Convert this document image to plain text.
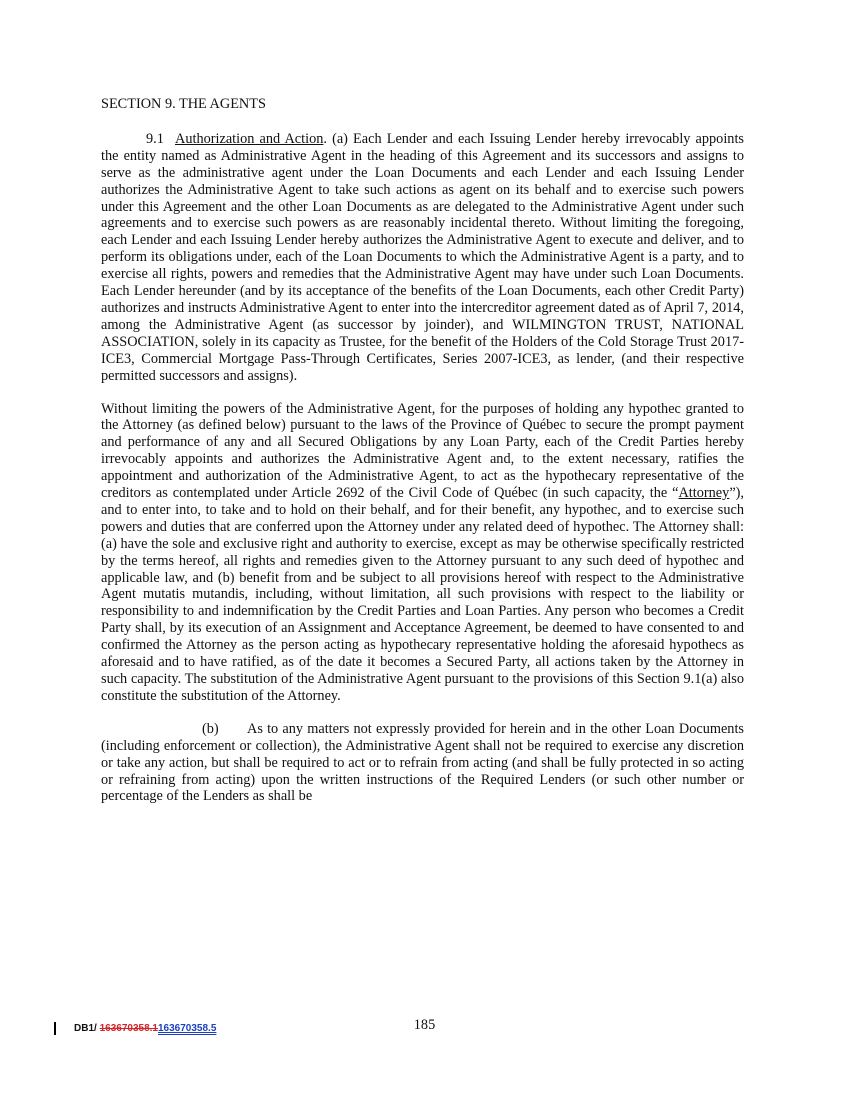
SECTION 9. THE AGENTS

9.1 Authorization and Action. (a) Each Lender and each Issuing Lender hereby irrevocably appoints the entity named as Administrative Agent in the heading of this Agreement and its successors and assigns to serve as the administrative agent under the Loan Documents and each Lender and each Issuing Lender authorizes the Administrative Agent to take such actions as agent on its behalf and to exercise such powers under this Agreement and the other Loan Documents as are delegated to the Administrative Agent under such agreements and to exercise such powers as are reasonably incidental thereto. Without limiting the foregoing, each Lender and each Issuing Lender hereby authorizes the Administrative Agent to execute and deliver, and to perform its obligations under, each of the Loan Documents to which the Administrative Agent is a party, and to exercise all rights, powers and remedies that the Administrative Agent may have under such Loan Documents. Each Lender hereunder (and by its acceptance of the benefits of the Loan Documents, each other Credit Party) authorizes and instructs Administrative Agent to enter into the intercreditor agreement dated as of April 7, 2014, among the Administrative Agent (as successor by joinder), and WILMINGTON TRUST, NATIONAL ASSOCIATION, solely in its capacity as Trustee, for the benefit of the Holders of the Cold Storage Trust 2017-ICE3, Commercial Mortgage Pass-Through Certificates, Series 2007-ICE3, as lender, (and their respective permitted successors and assigns).

Without limiting the powers of the Administrative Agent, for the purposes of holding any hypothec granted to the Attorney (as defined below) pursuant to the laws of the Province of Québec to secure the prompt payment and performance of any and all Secured Obligations by any Loan Party, each of the Credit Parties hereby irrevocably appoints and authorizes the Administrative Agent and, to the extent necessary, ratifies the appointment and authorization of the Administrative Agent, to act as the hypothecary representative of the creditors as contemplated under Article 2692 of the Civil Code of Québec (in such capacity, the “Attorney”), and to enter into, to take and to hold on their behalf, and for their benefit, any hypothec, and to exercise such powers and duties that are conferred upon the Attorney under any related deed of hypothec. The Attorney shall: (a) have the sole and exclusive right and authority to exercise, except as may be otherwise specifically restricted by the terms hereof, all rights and remedies given to the Attorney pursuant to any such deed of hypothec and applicable law, and (b) benefit from and be subject to all provisions hereof with respect to the Administrative Agent mutatis mutandis, including, without limitation, all such provisions with respect to the liability or responsibility to and indemnification by the Credit Parties and Loan Parties. Any person who becomes a Credit Party shall, by its execution of an Assignment and Acceptance Agreement, be deemed to have consented to and confirmed the Attorney as the person acting as hypothecary representative holding the aforesaid hypothecs as aforesaid and to have ratified, as of the date it becomes a Secured Party, all actions taken by the Attorney in such capacity. The substitution of the Administrative Agent pursuant to the provisions of this Section 9.1(a) also constitute the substitution of the Attorney.

(b) As to any matters not expressly provided for herein and in the other Loan Documents (including enforcement or collection), the Administrative Agent shall not be required to exercise any discretion or take any action, but shall be required to act or to refrain from acting (and shall be fully protected in so acting or refraining from acting) upon the written instructions of the Required Lenders (or such other number or percentage of the Lenders as shall be

185
DB1/
163670358.1 163670358.5
